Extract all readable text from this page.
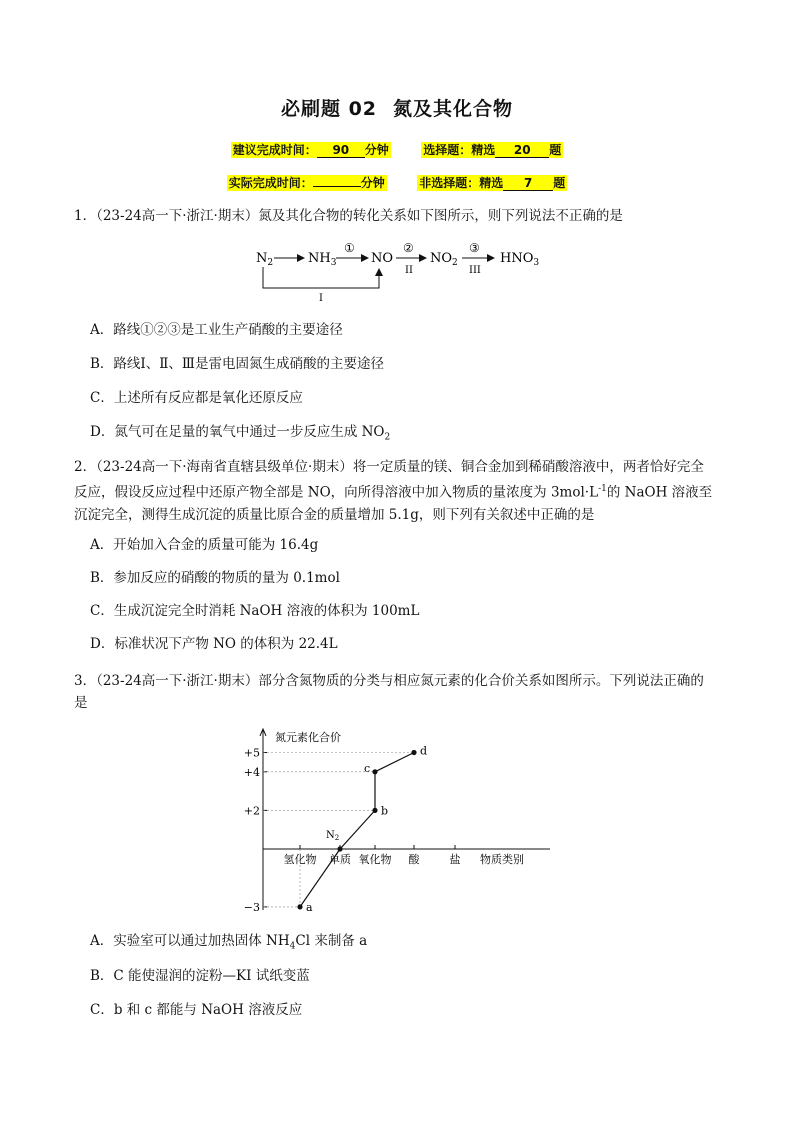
必刷题 02 氮及其化合物
建议完成时间： 90 分钟	选择题：精选 20 题
实际完成时间：	分钟	非选择题：精选 7 题
1．（23-24高一下·浙江·期末）氮及其化合物的转化关系如下图所示，则下列说法不正确的是
$N_2$	$NH_3$
①
NO
②
II
$NO_2$
③
III
$HNO_3$
I
A．路线①②③是工业生产硝酸的主要途径
B．路线Ⅰ、Ⅱ、Ⅲ是雷电固氮生成硝酸的主要途径
C．上述所有反应都是氧化还原反应
D．氮气可在足量的氧气中通过一步反应生成 $NO_2$
2．（23-24高一下·海南省直辖县级单位·期末）将一定质量的镁、铜合金加到稀硝酸溶液中，两者恰好完全
反应，假设反应过程中还原产物全部是 NO，向所得溶液中加入物质的量浓度为 $3mol\cdot L^{-1}$的 NaOH 溶液至
沉淀完全，测得生成沉淀的质量比原合金的质量增加 5.1g，则下列有关叙述中正确的是
A．开始加入合金的质量可能为 16.4g
B．参加反应的硝酸的物质的量为 0.1mol
C．生成沉淀完全时消耗 NaOH 溶液的体积为 100mL
D．标准状况下产物 NO 的体积为 22.4L
3．（23-24高一下·浙江·期末）部分含氮物质的分类与相应氮元素的化合价关系如图所示。下列说法正确的
是
氮元素化合价
物质类别
+5
+4
+2
−3
氢化物 单质 氧化物 酸	盐
a
b
c
d
$N_2$
A．实验室可以通过加热固体 $NH_4Cl$ 来制备 a
B．C 能使湿润的淀粉—KI 试纸变蓝
C．b 和 c 都能与 NaOH 溶液反应
